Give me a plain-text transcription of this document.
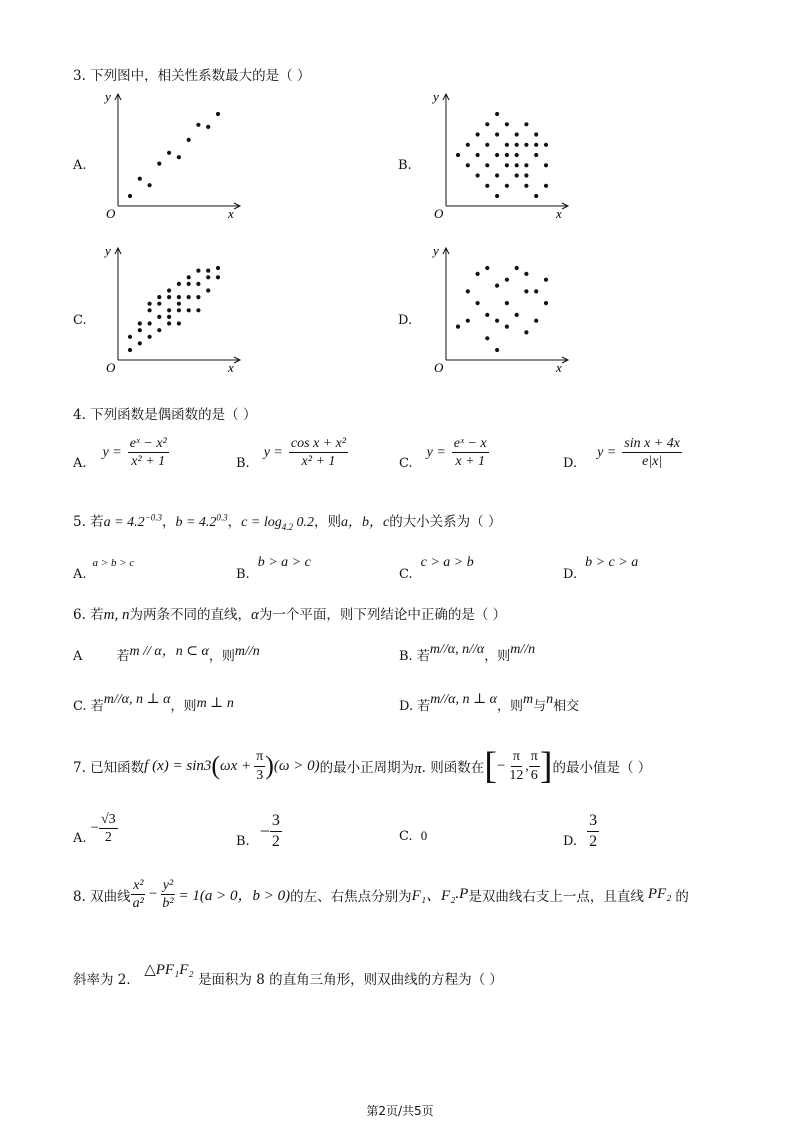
3. 下列图中，相关性系数最大的是（ ）
A.
y
x
O
B.
y
x
O
C.
y
x
O
D.
y
x
O
4. 下列函数是偶函数的是（ ）
A.
$y = \frac{\text{eˣ − x²}}{\text{x² + 1}}$	B.
$y = \frac{\text{cos x + x²}}{\text{x² + 1}}$	C.
$y = \frac{\text{eˣ − x}}{x + 1}$	D.
$y = \frac{\text{sin x + 4x}}{e|x|}$
5. 若$a = 4.2^{-0.3}$，$b = 4.2^{0.3}$，$c = \log_{4.2} 0.2$，则a，b，c的大小关系为（ ）
A.a > b > c
B.b > a > c
C.c > a > b
D.b > c > a
6. 若m, n为两条不同的直线，α为一个平面，则下列结论中正确的是（ ）
A	若m // α，n ⊂ α，则m//n	B. 若m//α, n//α，则m//n
C. 若m//α, n ⊥ α，则m ⊥ n	D. 若m//α, n ⊥ α，则m与n相交
7. 已知函数 f (x) = sin3 ( $\omega x + \frac{\pi}{3}$ ) (ω > 0) 的最小正周期为 π . 则函数在 [ − $\frac{\pi}{12}$ , $\frac{\pi}{6}$ ] 的最小值是（ ）
A.
− $\frac{√3}{2}$	B.
− $\frac{3}{2}$	C. 0	D. $\frac{3}{2}$
8. 双曲线 $\frac{\text{x²}}{\text{a²}} - \frac{\text{y²}}{\text{b²}} = 1(a > 0$，b > 0) 的左、右焦点分别为 F₁、F₂ .P 是双曲线右支上一点，且直线 PF₂ 的
斜率为 2． △PF₁F₂ 是面积为 8 的直角三角形，则双曲线的方程为（ ）
第2页/共5页
